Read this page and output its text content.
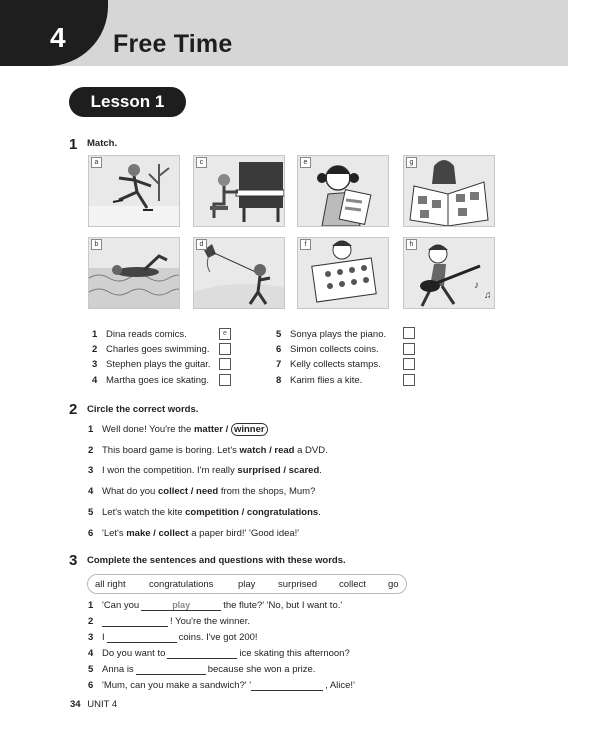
4 Free Time
Lesson 1
1 Match.
a	c	e	g
b	d	f	h
♪
♫
1 Dina reads comics.	e
2 Charles goes swimming.
3 Stephen plays the guitar.
4 Martha goes ice skating.
5 Sonya plays the piano.
6 Simon collects coins.
7 Kelly collects stamps.
8 Karim flies a kite.
2 Circle the correct words.
1 Well done! You're the matter / winner
2 This board game is boring. Let's watch / read a DVD.
3 I won the competition. I'm really surprised / scared.
4 What do you collect / need from the shops, Mum?
5 Let's watch the kite competition / congratulations.
6 'Let's make / collect a paper bird!' 'Good idea!'
3 Complete the sentences and questions with these words.
all right congratulations	play surprised collect go
1 'Can you	play	the flute?' 'No, but I want to.'
2	! You're the winner.
3 I	coins. I've got 200!
4 Do you want to	ice skating this afternoon?
5 Anna is	because she won a prize.
6 'Mum, can you make a sandwich?' '	, Alice!'
34 UNIT 4
